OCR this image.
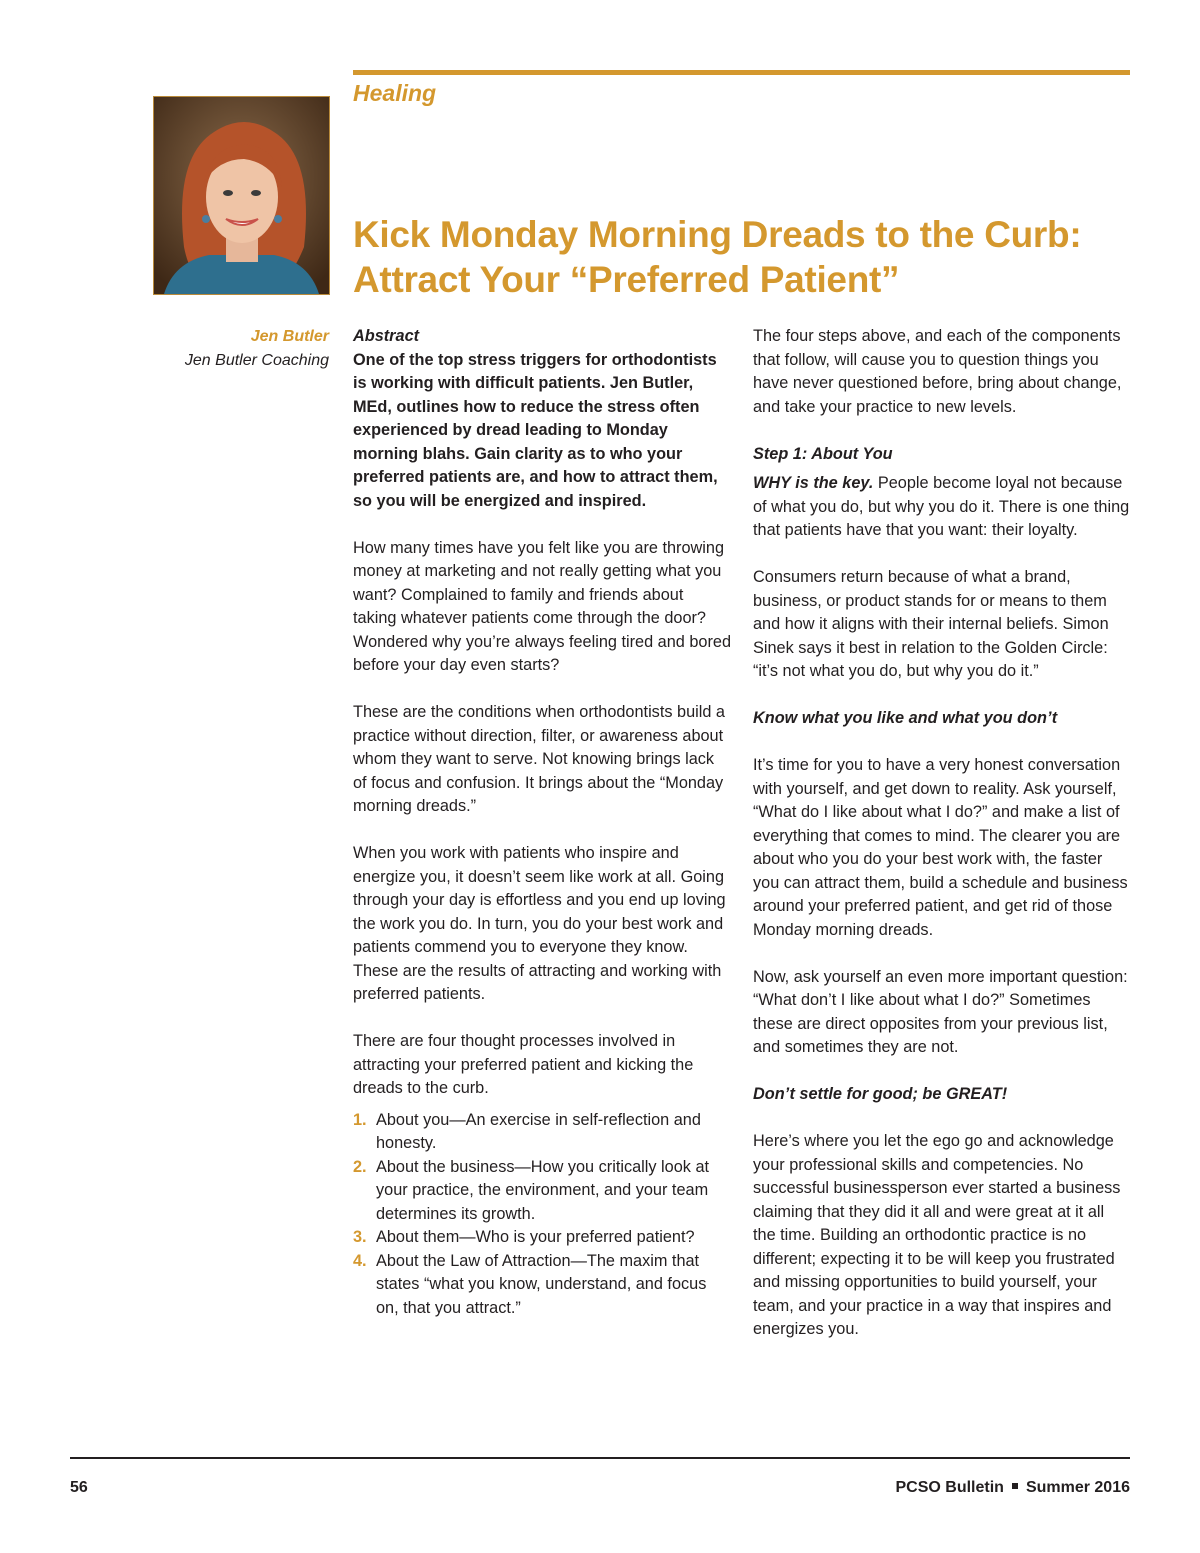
Healing
Kick Monday Morning Dreads to the Curb:
Attract Your “Preferred Patient”
Jen Butler
Jen Butler Coaching
Abstract

One of the top stress triggers for orthodontists is working with difficult patients. Jen Butler, MEd, outlines how to reduce the stress often experienced by dread leading to Monday morning blahs. Gain clarity as to who your preferred patients are, and how to attract them, so you will be energized and inspired.

How many times have you felt like you are throwing money at marketing and not really getting what you want? Complained to family and friends about taking whatever patients come through the door? Wondered why you’re always feeling tired and bored before your day even starts?

These are the conditions when orthodontists build a practice without direction, filter, or awareness about whom they want to serve. Not knowing brings lack of focus and confusion. It brings about the “Monday morning dreads.”

When you work with patients who inspire and energize you, it doesn’t seem like work at all. Going through your day is effortless and you end up loving the work you do. In turn, you do your best work and patients commend you to everyone they know. These are the results of attracting and working with preferred patients.

There are four thought processes involved in attracting your preferred patient and kicking the dreads to the curb.

1. About you—An exercise in self-reflection and honesty.
2. About the business—How you critically look at your practice, the environment, and your team determines its growth.
3. About them—Who is your preferred patient?
4. About the Law of Attraction—The maxim that states “what you know, understand, and focus on, that you attract.”

The four steps above, and each of the components that follow, will cause you to question things you have never questioned before, bring about change, and take your practice to new levels.

Step 1: About You

WHY is the key. People become loyal not because of what you do, but why you do it. There is one thing that patients have that you want: their loyalty.

Consumers return because of what a brand, business, or product stands for or means to them and how it aligns with their internal beliefs. Simon Sinek says it best in relation to the Golden Circle: “it’s not what you do, but why you do it.”

Know what you like and what you don’t

It’s time for you to have a very honest conversation with yourself, and get down to reality. Ask yourself, “What do I like about what I do?” and make a list of everything that comes to mind. The clearer you are about who you do your best work with, the faster you can attract them, build a schedule and business around your preferred patient, and get rid of those Monday morning dreads.

Now, ask yourself an even more important question: “What don’t I like about what I do?” Sometimes these are direct opposites from your previous list, and sometimes they are not.

Don’t settle for good; be GREAT!

Here’s where you let the ego go and acknowledge your professional skills and competencies. No successful businessperson ever started a business claiming that they did it all and were great at it all the time. Building an orthodontic practice is no different; expecting it to be will keep you frustrated and missing opportunities to build yourself, your team, and your practice in a way that inspires and energizes you.

56	PCSO Bulletin Summer 2016
